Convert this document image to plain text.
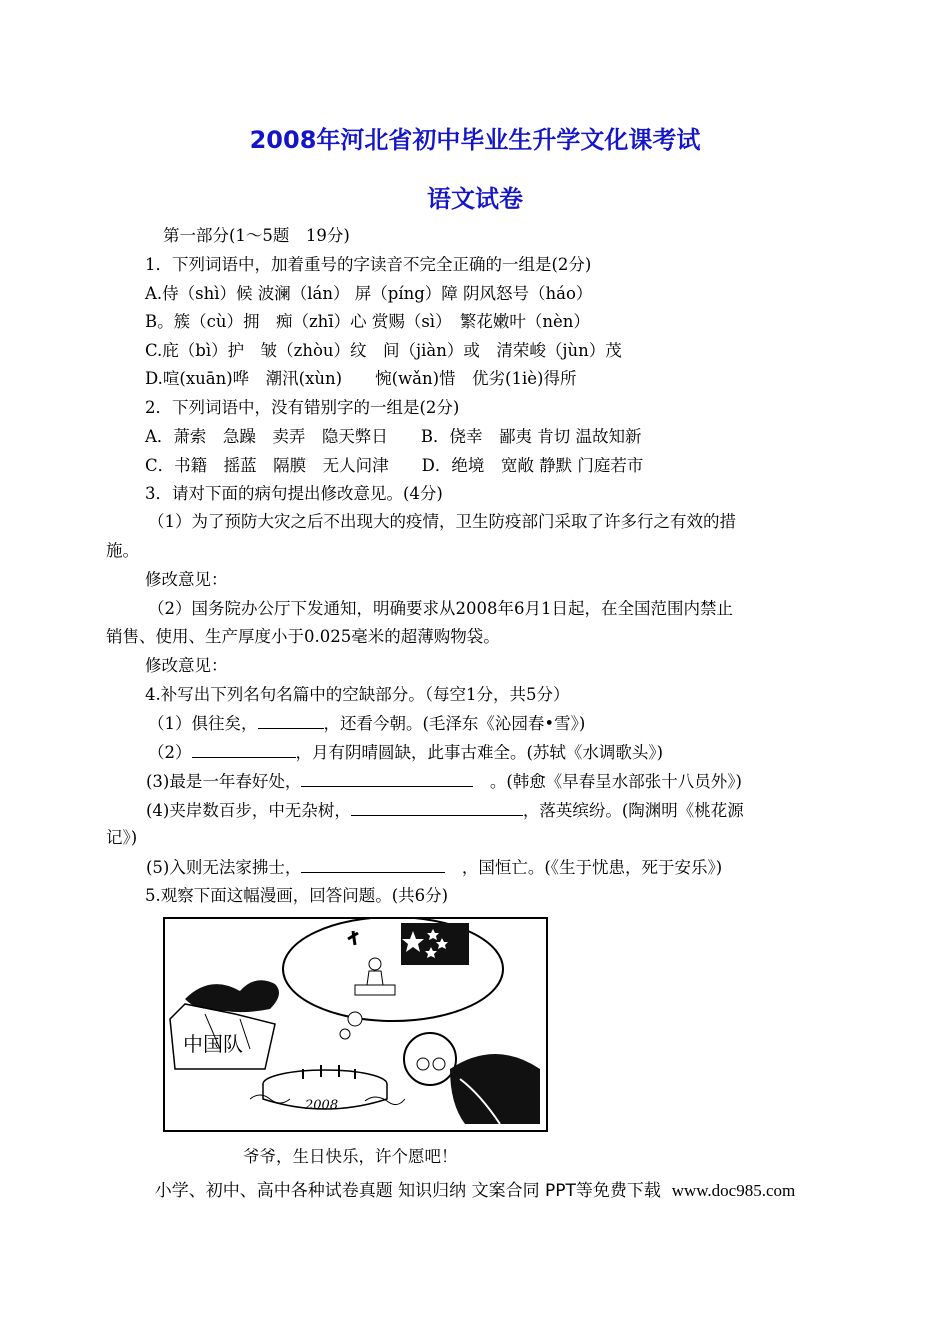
2008年河北省初中毕业生升学文化课考试
语文试卷
第一部分(1～5题　19分)
1．下列词语中，加着重号的字读音不完全正确的一组是(2分)
A.侍（shì）候 波澜（lán） 屏（píng）障 阴风怒号（háo）
B。簇（cù）拥　痴（zhī）心 赏赐（sì）　繁花嫩叶（nèn）
C.庇（bì）护　皱（zhòu）纹　间（jiàn）或　清荣峻（jùn）茂
D.喧(xuān)哗　潮汛(xùn)　　惋(wǎn)惜　优劣(1iè)得所
2．下列词语中，没有错别字的一组是(2分)
A．萧索　急躁　卖弄　隐天弊日　　B．侥幸　鄙夷 肯切 温故知新
C．书籍　摇蓝　隔膜　无人问津　　D．绝境　宽敞 静默 门庭若市
3．请对下面的病句提出修改意见。(4分)
（1）为了预防大灾之后不出现大的疫情，卫生防疫部门采取了许多行之有效的措
施。
修改意见：
（2）国务院办公厅下发通知，明确要求从2008年6月1日起，在全国范围内禁止
销售、使用、生产厚度小于0.025毫米的超薄购物袋。
修改意见：
4.补写出下列名句名篇中的空缺部分。（每空1分，共5分）
（1）俱往矣，	，还看今朝。(毛泽东《沁园春•雪》)
（2）	，月有阴晴圆缺，此事古难全。(苏轼《水调歌头》)
(3)最是一年春好处，	　。(韩愈《早春呈水部张十八员外》)
(4)夹岸数百步，中无杂树，	，落英缤纷。(陶渊明《桃花源
记》)
(5)入则无法家拂士，	　，国恒亡。(《生于忧患，死于安乐》)
5.观察下面这幅漫画，回答问题。(共6分)
中国队
2008
爷爷，生日快乐，许个愿吧！
小学、初中、高中各种试卷真题 知识归纳 文案合同 PPT等免费下载 www.doc985.com
